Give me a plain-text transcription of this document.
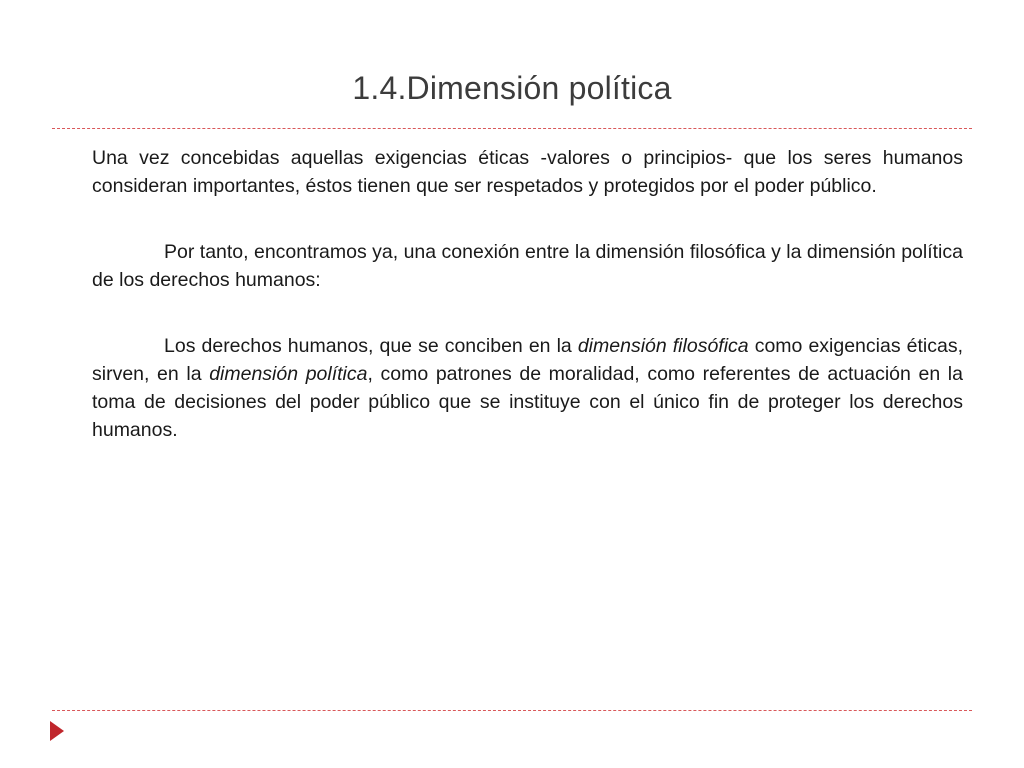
1.4.Dimensión política

Una vez concebidas aquellas exigencias éticas -valores o principios- que los seres humanos consideran importantes, éstos tienen que ser respetados y protegidos por el poder público.

Por tanto, encontramos ya, una conexión entre la dimensión filosófica y la dimensión política de los derechos humanos:

Los derechos humanos, que se conciben en la dimensión filosófica como exigencias éticas, sirven, en la dimensión política, como patrones de moralidad, como referentes de actuación en la toma de decisiones del poder público que se instituye con el único fin de proteger los derechos humanos.
